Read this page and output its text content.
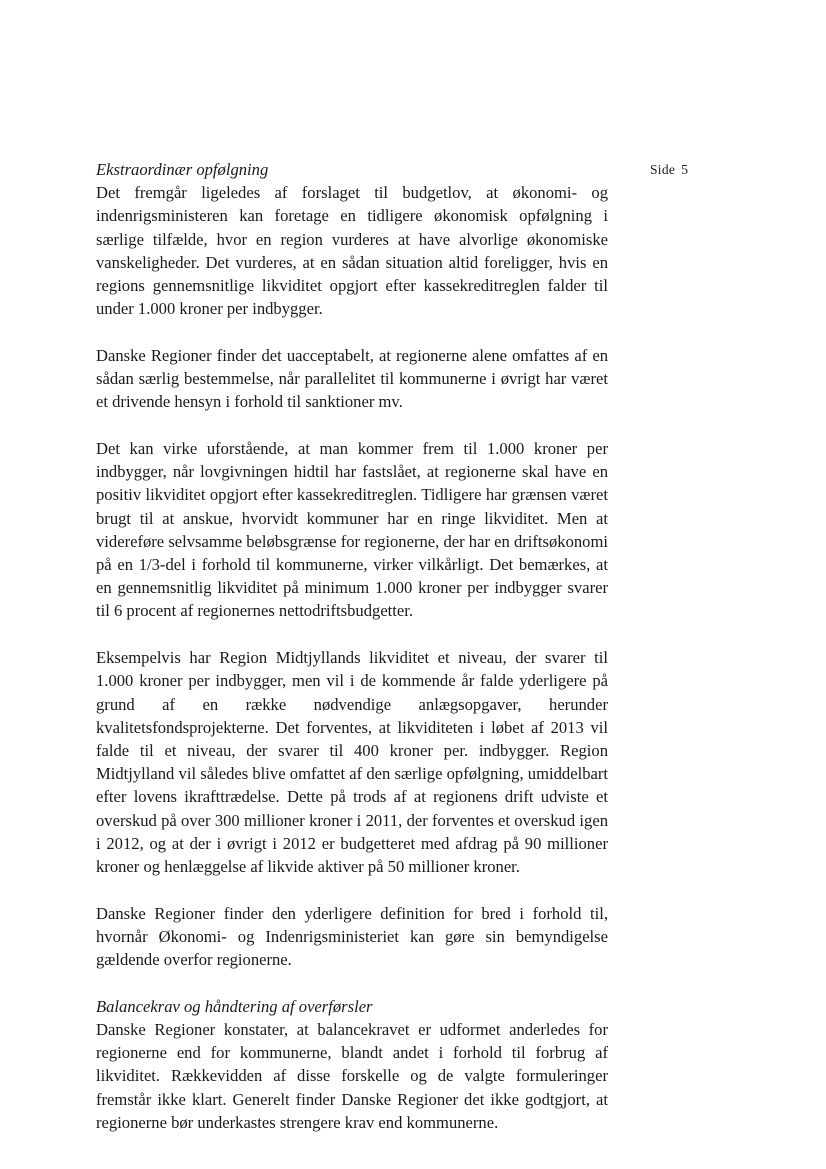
Side 5

Ekstraordinær opfølgning

Det fremgår ligeledes af forslaget til budgetlov, at økonomi- og indenrigsministeren kan foretage en tidligere økonomisk opfølgning i særlige tilfælde, hvor en region vurderes at have alvorlige økonomiske vanskeligheder. Det vurderes, at en sådan situation altid foreligger, hvis en regions gennemsnitlige likviditet opgjort efter kassekreditreglen falder til under 1.000 kroner per indbygger.

Danske Regioner finder det uacceptabelt, at regionerne alene omfattes af en sådan særlig bestemmelse, når parallelitet til kommunerne i øvrigt har været et drivende hensyn i forhold til sanktioner mv.

Det kan virke uforstående, at man kommer frem til 1.000 kroner per indbygger, når lovgivningen hidtil har fastslået, at regionerne skal have en positiv likviditet opgjort efter kassekreditreglen. Tidligere har grænsen været brugt til at anskue, hvorvidt kommuner har en ringe likviditet. Men at videreføre selvsamme beløbsgrænse for regionerne, der har en driftsøkonomi på en 1/3-del i forhold til kommunerne, virker vilkårligt. Det bemærkes, at en gennemsnitlig likviditet på minimum 1.000 kroner per indbygger svarer til 6 procent af regionernes nettodriftsbudgetter.

Eksempelvis har Region Midtjyllands likviditet et niveau, der svarer til 1.000 kroner per indbygger, men vil i de kommende år falde yderligere på grund af en række nødvendige anlægsopgaver, herunder kvalitetsfondsprojekterne. Det forventes, at likviditeten i løbet af 2013 vil falde til et niveau, der svarer til 400 kroner per. indbygger. Region Midtjylland vil således blive omfattet af den særlige opfølgning, umiddelbart efter lovens ikrafttrædelse. Dette på trods af at regionens drift udviste et overskud på over 300 millioner kroner i 2011, der forventes et overskud igen i 2012, og at der i øvrigt i 2012 er budgetteret med afdrag på 90 millioner kroner og henlæggelse af likvide aktiver på 50 millioner kroner.

Danske Regioner finder den yderligere definition for bred i forhold til, hvornår Økonomi- og Indenrigsministeriet kan gøre sin bemyndigelse gældende overfor regionerne.

Balancekrav og håndtering af overførsler

Danske Regioner konstater, at balancekravet er udformet anderledes for regionerne end for kommunerne, blandt andet i forhold til forbrug af likviditet. Rækkevidden af disse forskelle og de valgte formuleringer fremstår ikke klart. Generelt finder Danske Regioner det ikke godtgjort, at regionerne bør underkastes strengere krav end kommunerne.
